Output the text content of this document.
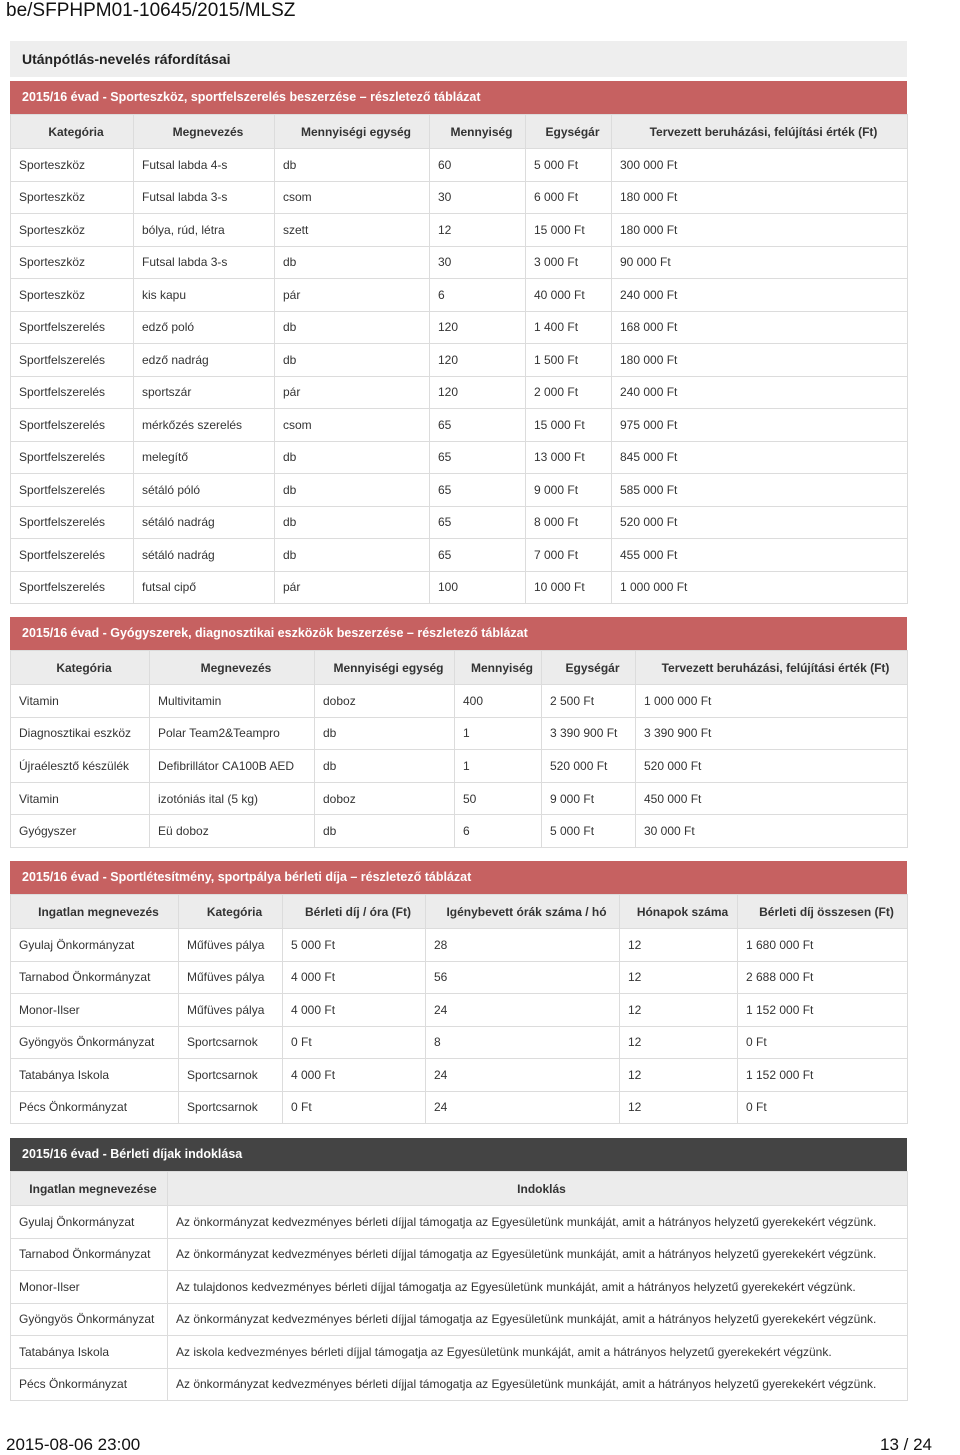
be/SFPHPM01-10645/2015/MLSZ
Utánpótlás-nevelés ráfordításai
2015/16 évad - Sporteszköz, sportfelszerelés beszerzése – részletező táblázat
Kategória	Megnevezés	Mennyiségi egység	Mennyiség	Egységár	Tervezett beruházási, felújítási érték (Ft)
Sporteszköz	Futsal labda 4-s	db	60	5 000 Ft	300 000 Ft
Sporteszköz	Futsal labda 3-s	csom	30	6 000 Ft	180 000 Ft
Sporteszköz	bólya, rúd, létra	szett	12	15 000 Ft	180 000 Ft
Sporteszköz	Futsal labda 3-s	db	30	3 000 Ft	90 000 Ft
Sporteszköz	kis kapu	pár	6	40 000 Ft	240 000 Ft
Sportfelszerelés	edző poló	db	120	1 400 Ft	168 000 Ft
Sportfelszerelés	edző nadrág	db	120	1 500 Ft	180 000 Ft
Sportfelszerelés	sportszár	pár	120	2 000 Ft	240 000 Ft
Sportfelszerelés	mérkőzés szerelés	csom	65	15 000 Ft	975 000 Ft
Sportfelszerelés	melegítő	db	65	13 000 Ft	845 000 Ft
Sportfelszerelés	sétáló póló	db	65	9 000 Ft	585 000 Ft
Sportfelszerelés	sétáló nadrág	db	65	8 000 Ft	520 000 Ft
Sportfelszerelés	sétáló nadrág	db	65	7 000 Ft	455 000 Ft
Sportfelszerelés	futsal cipő	pár	100	10 000 Ft	1 000 000 Ft
2015/16 évad - Gyógyszerek, diagnosztikai eszközök beszerzése – részletező táblázat
Kategória	Megnevezés	Mennyiségi egység	Mennyiség	Egységár	Tervezett beruházási, felújítási érték (Ft)
Vitamin	Multivitamin	doboz	400	2 500 Ft	1 000 000 Ft
Diagnosztikai eszköz	Polar Team2&Teampro	db	1	3 390 900 Ft	3 390 900 Ft
Újraélesztő készülék	Defibrillátor CA100B AED	db	1	520 000 Ft	520 000 Ft
Vitamin	izotóniás ital (5 kg)	doboz	50	9 000 Ft	450 000 Ft
Gyógyszer	Eü doboz	db	6	5 000 Ft	30 000 Ft
2015/16 évad - Sportlétesítmény, sportpálya bérleti díja – részletező táblázat
Ingatlan megnevezés	Kategória	Bérleti díj / óra (Ft)	Igénybevett órák száma / hó	Hónapok száma	Bérleti díj összesen (Ft)
Gyulaj Önkormányzat	Műfüves pálya	5 000 Ft	28	12	1 680 000 Ft
Tarnabod Önkormányzat	Műfüves pálya	4 000 Ft	56	12	2 688 000 Ft
Monor-Ilser	Műfüves pálya	4 000 Ft	24	12	1 152 000 Ft
Gyöngyös Önkormányzat	Sportcsarnok	0 Ft	8	12	0 Ft
Tatabánya Iskola	Sportcsarnok	4 000 Ft	24	12	1 152 000 Ft
Pécs Önkormányzat	Sportcsarnok	0 Ft	24	12	0 Ft
2015/16 évad - Bérleti díjak indoklása
Ingatlan megnevezése	Indoklás
Gyulaj Önkormányzat	Az önkormányzat kedvezményes bérleti díjjal támogatja az Egyesületünk munkáját, amit a hátrányos helyzetű gyerekekért végzünk.
Tarnabod Önkormányzat	Az önkormányzat kedvezményes bérleti díjjal támogatja az Egyesületünk munkáját, amit a hátrányos helyzetű gyerekekért végzünk.
Monor-Ilser	Az tulajdonos kedvezményes bérleti díjjal támogatja az Egyesületünk munkáját, amit a hátrányos helyzetű gyerekekért végzünk.
Gyöngyös Önkormányzat	Az önkormányzat kedvezményes bérleti díjjal támogatja az Egyesületünk munkáját, amit a hátrányos helyzetű gyerekekért végzünk.
Tatabánya Iskola	Az iskola kedvezményes bérleti díjjal támogatja az Egyesületünk munkáját, amit a hátrányos helyzetű gyerekekért végzünk.
Pécs Önkormányzat	Az önkormányzat kedvezményes bérleti díjjal támogatja az Egyesületünk munkáját, amit a hátrányos helyzetű gyerekekért végzünk.
2015-08-06 23:00	13 / 24
